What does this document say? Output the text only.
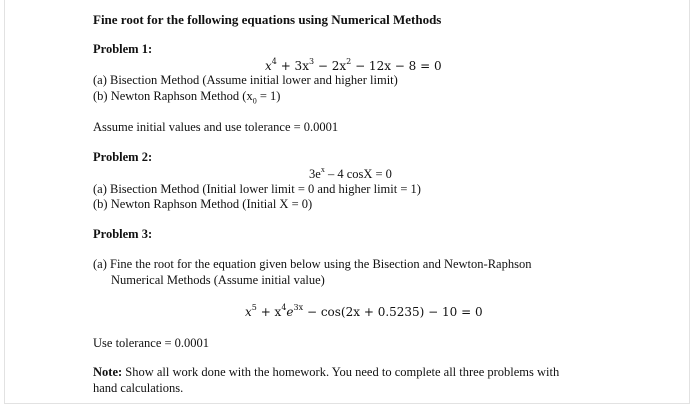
Fine root for the following equations using Numerical Methods
Problem 1:
$x^4 + 3x^3 - 2x^2 - 12x - 8 = 0$
(a) Bisection Method (Assume initial lower and higher limit)
(b) Newton Raphson Method $(x_0 = 1)$
Assume initial values and use tolerance = 0.0001
Problem 2:
$3e^x - 4$ cosX = 0
(a) Bisection Method (Initial lower limit = 0 and higher limit = 1)
(b) Newton Raphson Method (Initial X = 0)
Problem 3:
(a) Fine the root for the equation given below using the Bisection and Newton-Raphson
Numerical Methods (Assume initial value)
$x^5 + x^4e^{3x} - \cos(2x + 0.5235) - 10 = 0$
Use tolerance = 0.0001
Note: Show all work done with the homework. You need to complete all three problems with
hand calculations.
